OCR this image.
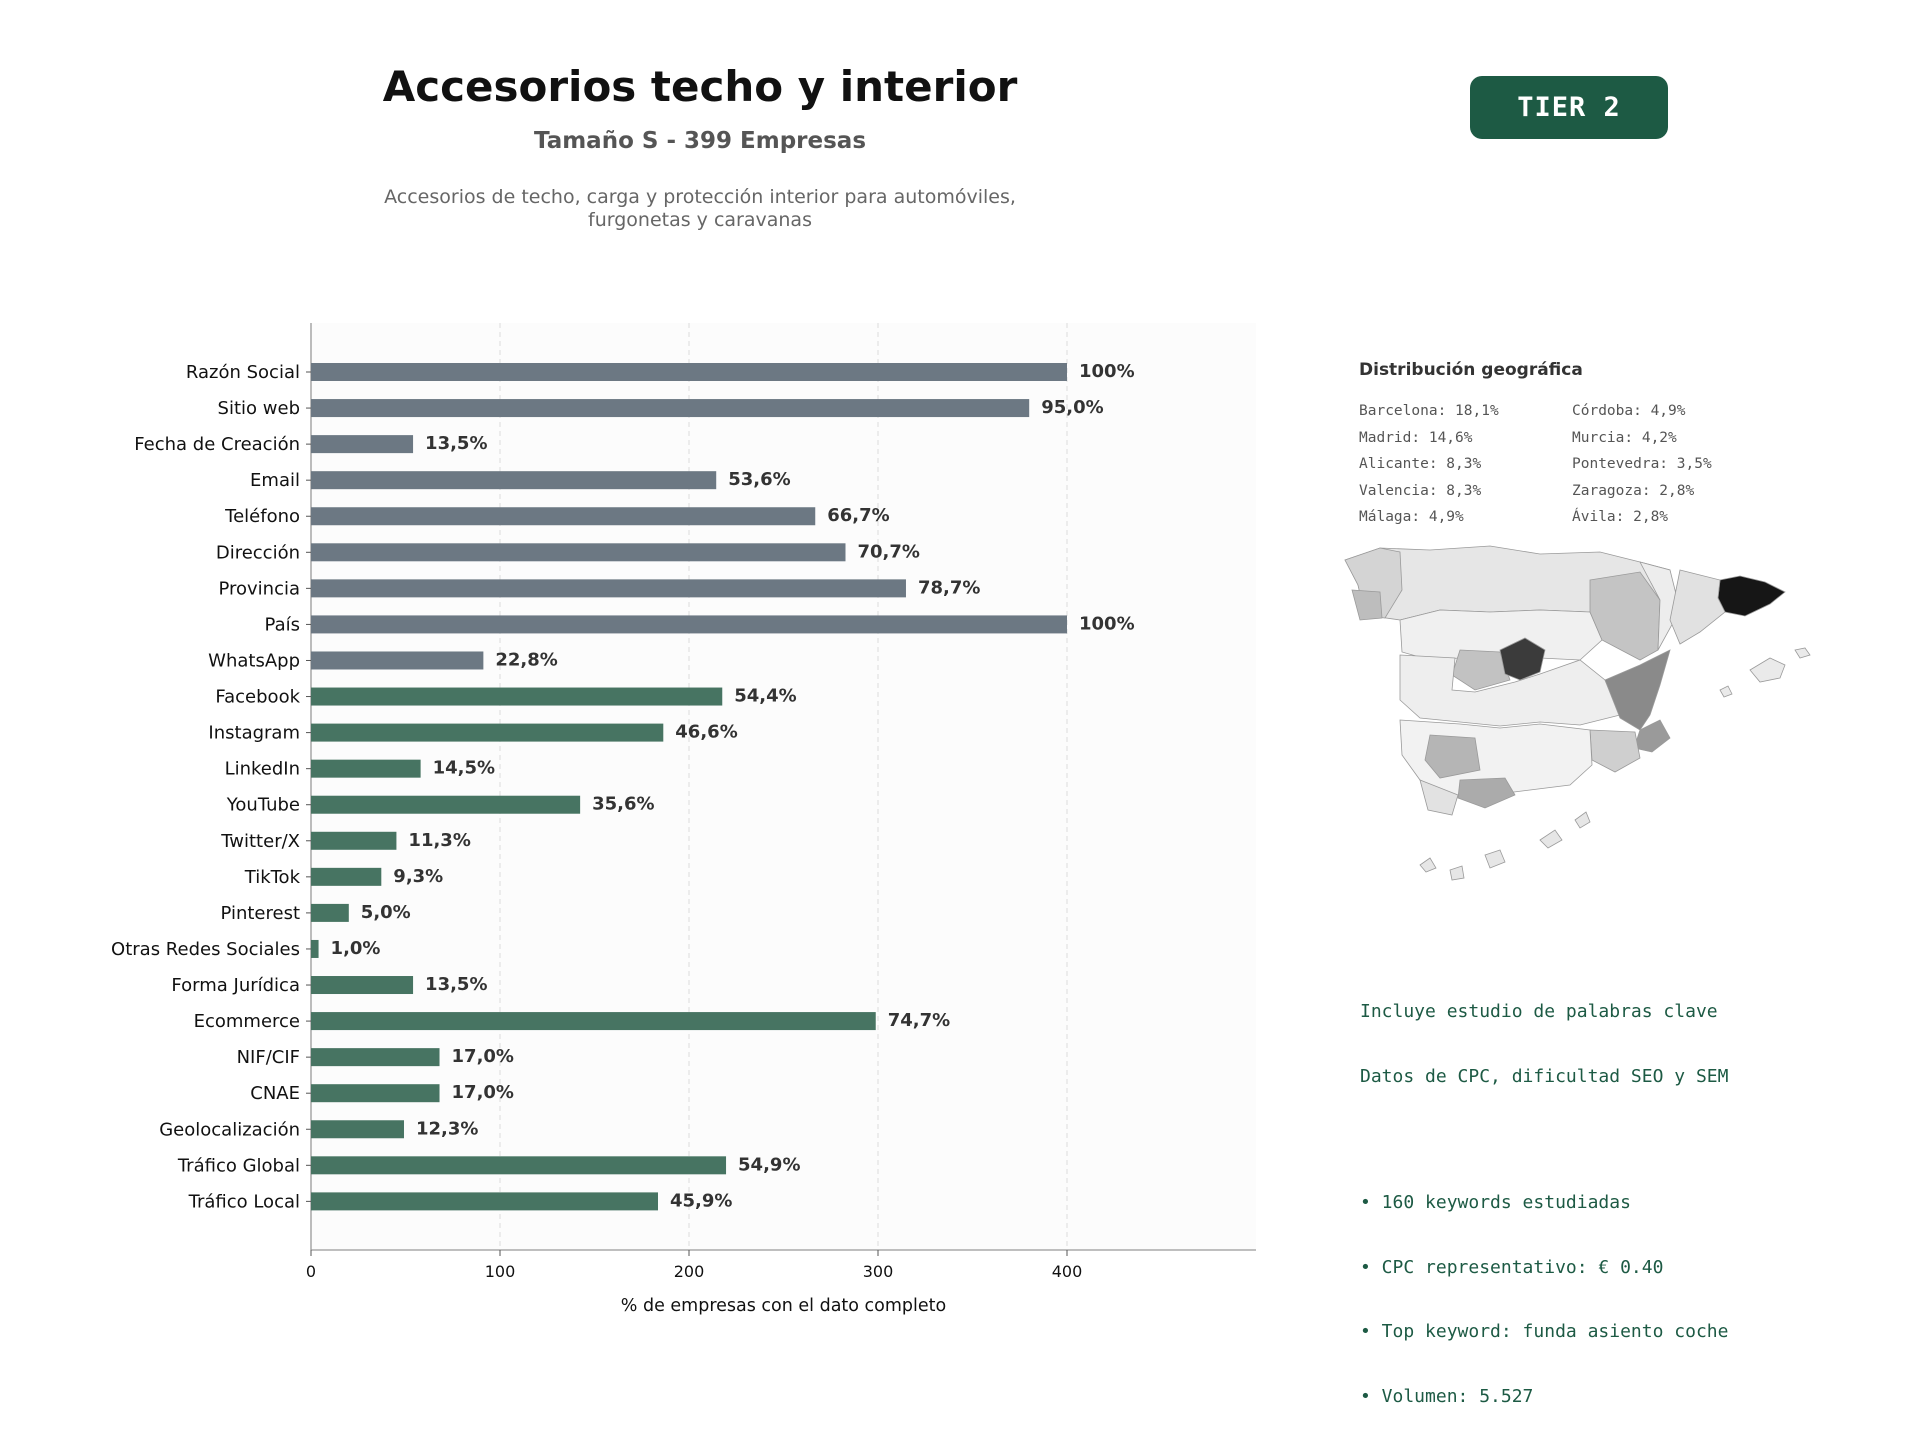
Accesorios techo y interior
Tamaño S - 399 Empresas
Accesorios de techo, carga y protección interior para automóviles,
furgonetas y caravanas
TIER 2
0	100	200	300	400
% de empresas con el dato completo
Razón Social	100%
Sitio web	95,0%
Fecha de Creación	13,5%
Email	53,6%
Teléfono	66,7%
Dirección	70,7%
Provincia	78,7%
País	100%
WhatsApp	22,8%
Facebook	54,4%
Instagram	46,6%
LinkedIn	14,5%
YouTube	35,6%
Twitter/X	11,3%
TikTok	9,3%
Pinterest	5,0%
Otras Redes Sociales 1,0%
Forma Jurídica	13,5%
Ecommerce	74,7%
NIF/CIF	17,0%
CNAE	17,0%
Geolocalización	12,3%
Tráfico Global	54,9%
Tráfico Local	45,9%
Distribución geográfica
Barcelona: 18,1%
Madrid: 14,6%
Alicante: 8,3%
Valencia: 8,3%
Málaga: 4,9%
Córdoba: 4,9%
Murcia: 4,2%
Pontevedra: 3,5%
Zaragoza: 2,8%
Ávila: 2,8%

Incluye estudio de palabras clave

Datos de CPC, dificultad SEO y SEM

• 160 keywords estudiadas

• CPC representativo: € 0.40

• Top keyword: funda asiento coche

• Volumen: 5.527
